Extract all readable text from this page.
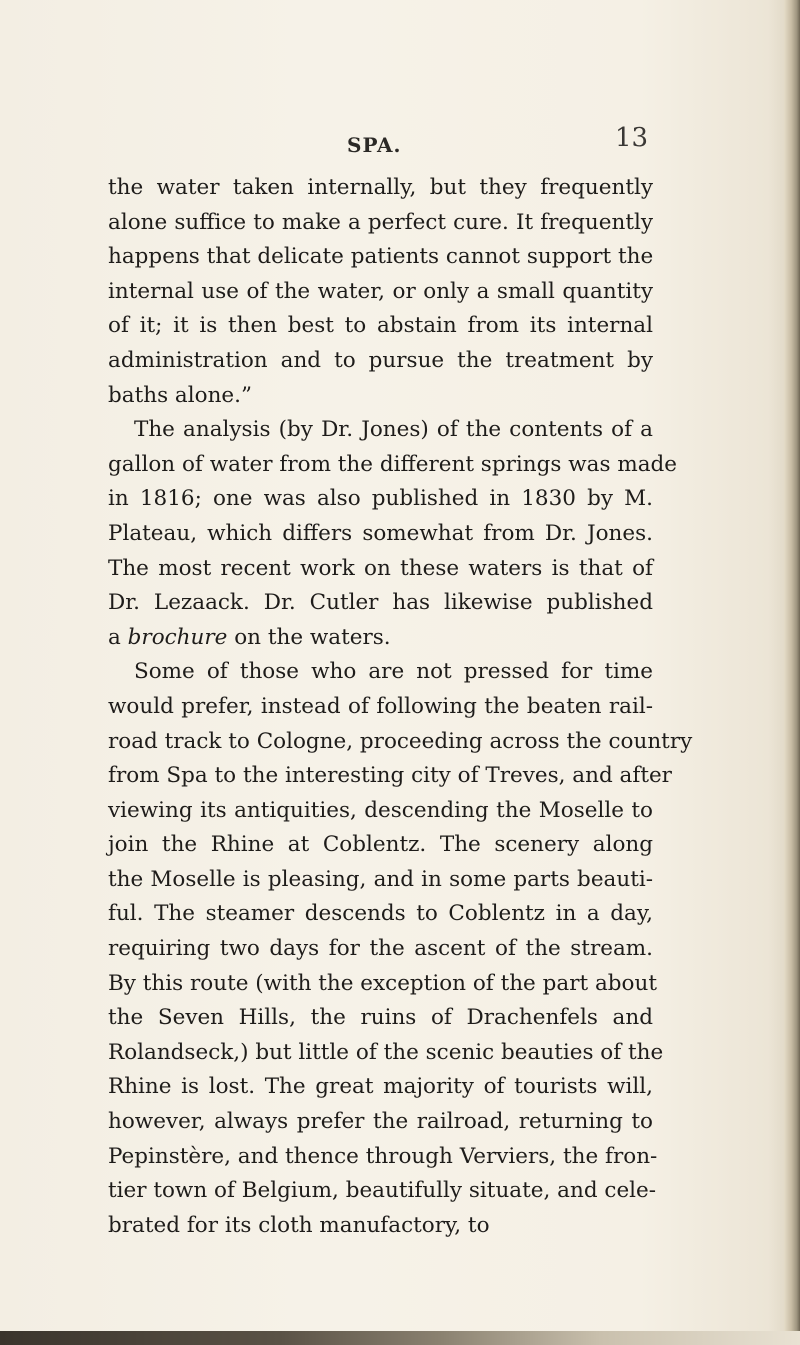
SPA.	13
the water taken internally, but they frequently
alone suffice to make a perfect cure. It frequently
happens that delicate patients cannot support the
internal use of the water, or only a small quantity
of it; it is then best to abstain from its internal
administration and to pursue the treatment by
baths alone.”
The analysis (by Dr. Jones) of the contents of a
gallon of water from the different springs was made
in 1816; one was also published in 1830 by M.
Plateau, which differs somewhat from Dr. Jones.
The most recent work on these waters is that of
Dr. Lezaack. Dr. Cutler has likewise published
a brochure on the waters.
Some of those who are not pressed for time
would prefer, instead of following the beaten rail-
road track to Cologne, proceeding across the country
from Spa to the interesting city of Treves, and after
viewing its antiquities, descending the Moselle to
join the Rhine at Coblentz. The scenery along
the Moselle is pleasing, and in some parts beauti-
ful. The steamer descends to Coblentz in a day,
requiring two days for the ascent of the stream.
By this route (with the exception of the part about
the Seven Hills, the ruins of Drachenfels and
Rolandseck,) but little of the scenic beauties of the
Rhine is lost. The great majority of tourists will,
however, always prefer the railroad, returning to
Pepinstère, and thence through Verviers, the fron-
tier town of Belgium, beautifully situate, and cele-
brated for its cloth manufactory, to
